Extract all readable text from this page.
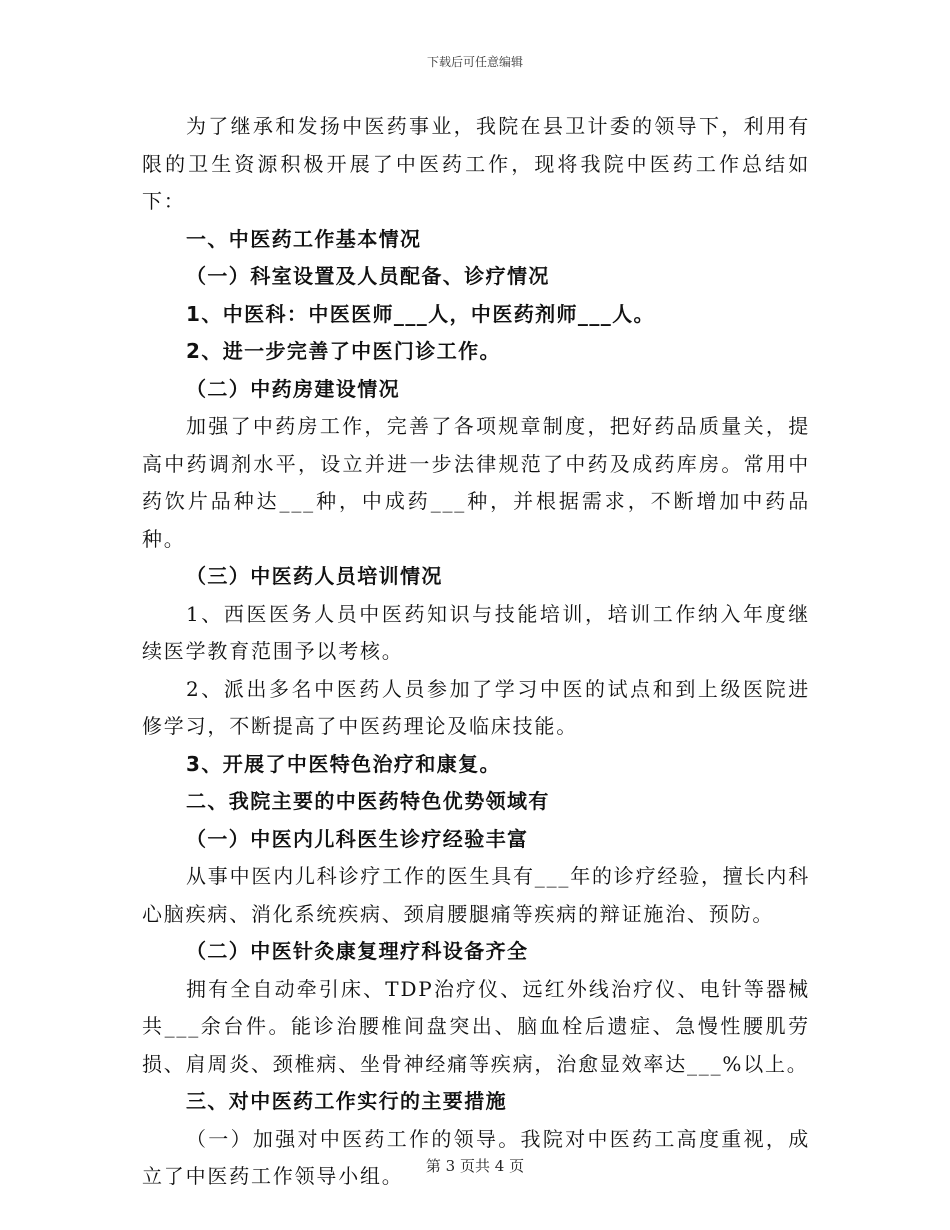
下载后可任意编辑

为了继承和发扬中医药事业，我院在县卫计委的领导下，利用有限的卫生资源积极开展了中医药工作，现将我院中医药工作总结如下：

一、中医药工作基本情况

（一）科室设置及人员配备、诊疗情况

1、中医科：中医医师___人，中医药剂师___人。

2、进一步完善了中医门诊工作。

（二）中药房建设情况

加强了中药房工作，完善了各项规章制度，把好药品质量关，提高中药调剂水平，设立并进一步法律规范了中药及成药库房。常用中药饮片品种达___种，中成药___种，并根据需求，不断增加中药品种。

（三）中医药人员培训情况

1、西医医务人员中医药知识与技能培训，培训工作纳入年度继续医学教育范围予以考核。

2、派出多名中医药人员参加了学习中医的试点和到上级医院进修学习，不断提高了中医药理论及临床技能。

3、开展了中医特色治疗和康复。

二、我院主要的中医药特色优势领域有

（一）中医内儿科医生诊疗经验丰富

从事中医内儿科诊疗工作的医生具有___年的诊疗经验，擅长内科心脑疾病、消化系统疾病、颈肩腰腿痛等疾病的辩证施治、预防。

（二）中医针灸康复理疗科设备齐全

拥有全自动牵引床、TDP治疗仪、远红外线治疗仪、电针等器械共___余台件。能诊治腰椎间盘突出、脑血栓后遗症、急慢性腰肌劳损、肩周炎、颈椎病、坐骨神经痛等疾病，治愈显效率达___%以上。

三、对中医药工作实行的主要措施

（一）加强对中医药工作的领导。我院对中医药工高度重视，成立了中医药工作领导小组。	第 3 页共 4 页
